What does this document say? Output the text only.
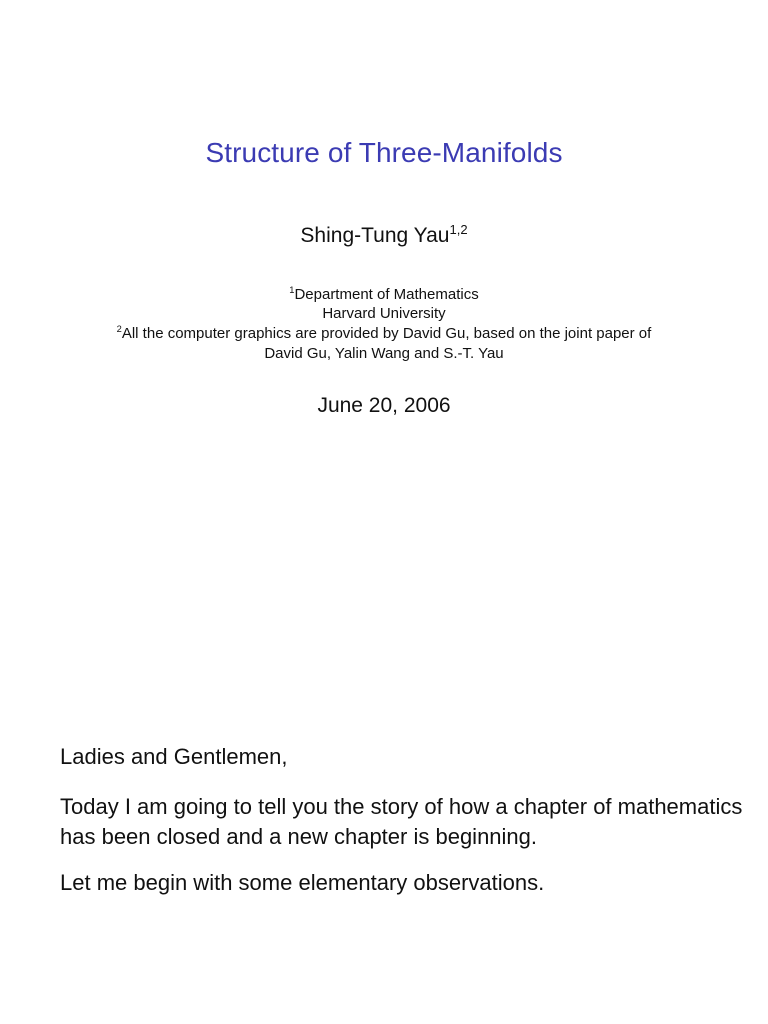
Structure of Three-Manifolds
Shing-Tung Yau$^{1,2}$
$^1$Department of Mathematics
Harvard University
$^2$All the computer graphics are provided by David Gu, based on the joint paper of
David Gu, Yalin Wang and S.-T. Yau
June 20, 2006
Ladies and Gentlemen,
Today I am going to tell you the story of how a chapter of mathematics has been closed and a new chapter is beginning.
Let me begin with some elementary observations.
